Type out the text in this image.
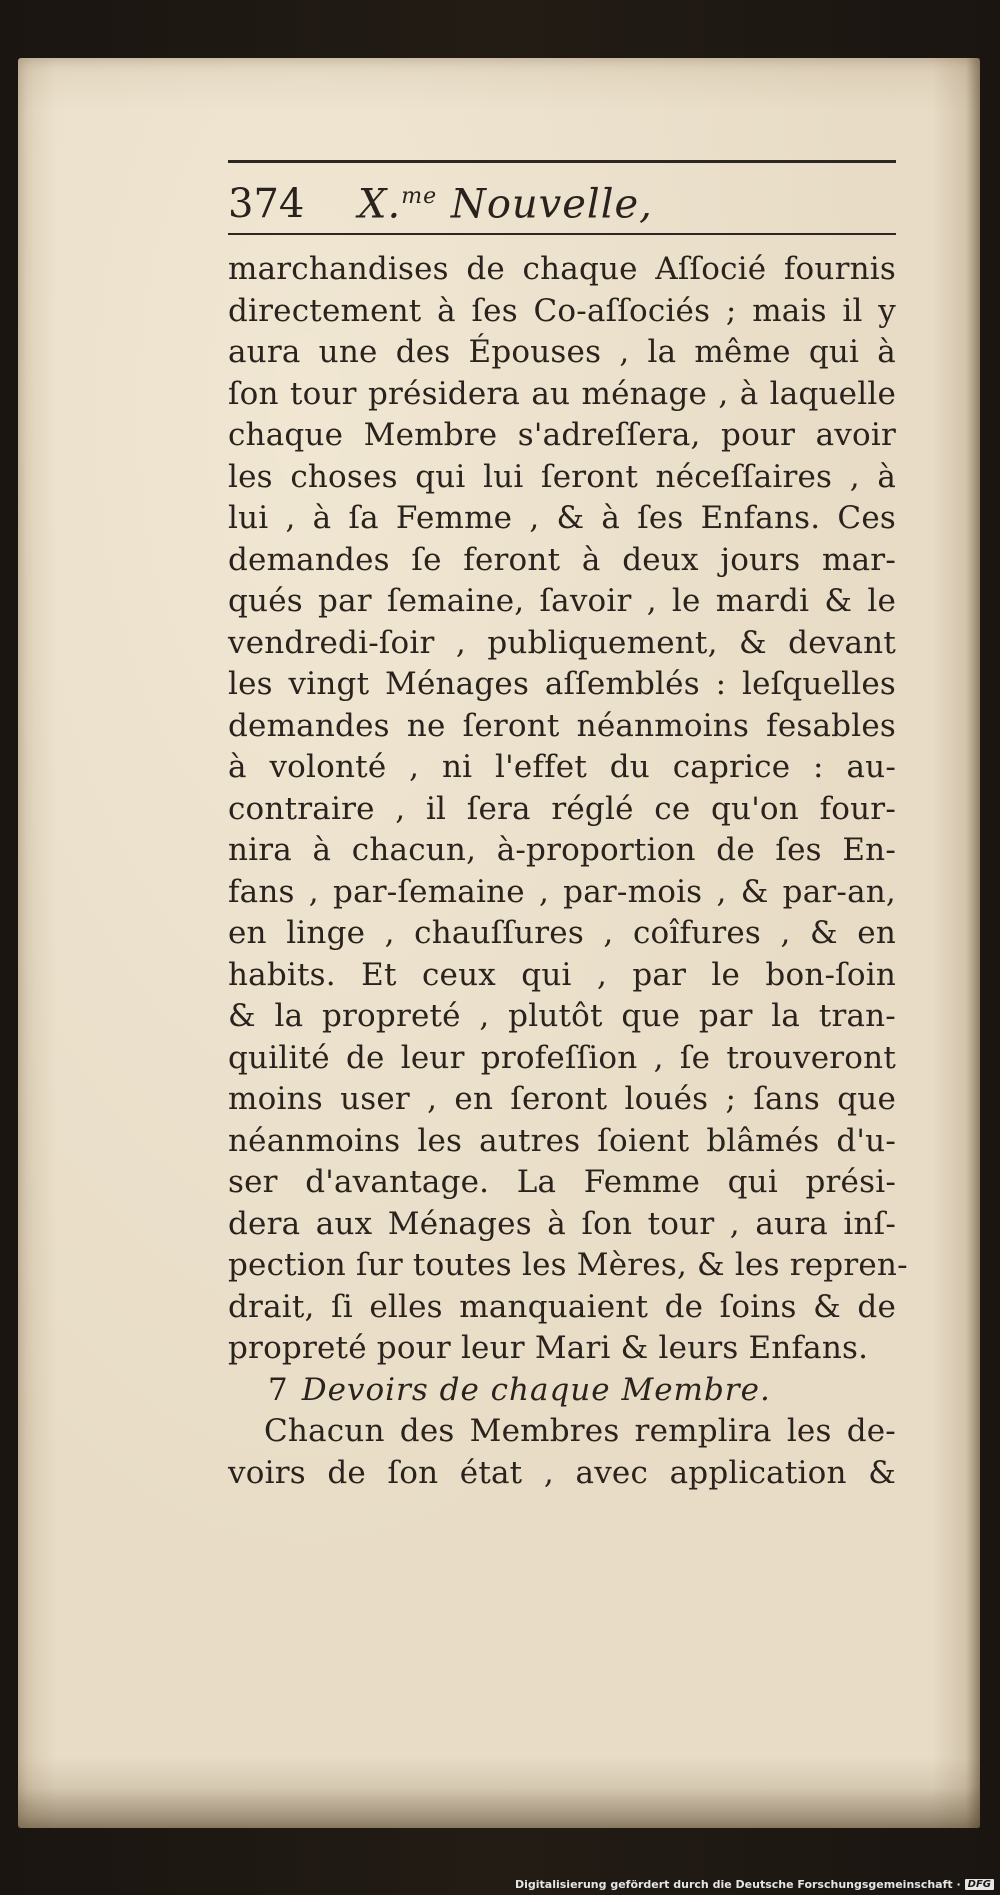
374	X.$^{me}$ Nouvelle,
marchandises de chaque Aſſocié fournis
directement à ſes Co-aſſociés ; mais il y
aura une des Épouses , la même qui à
ſon tour présidera au ménage , à laquelle
chaque Membre s'adreſſera, pour avoir
les choses qui lui ſeront néceſſaires , à
lui , à ſa Femme , & à ſes Enfans. Ces
demandes ſe feront à deux jours mar-
qués par ſemaine, ſavoir , le mardi & le
vendredi-ſoir , publiquement, & devant
les vingt Ménages aſſemblés : leſquelles
demandes ne ſeront néanmoins fesables
à volonté , ni l'effet du caprice : au-
contraire , il ſera réglé ce qu'on four-
nira à chacun, à-proportion de ſes En-
fans , par-ſemaine , par-mois , & par-an,
en linge , chauſſures , coîfures , & en
habits. Et ceux qui , par le bon-ſoin
& la propreté , plutôt que par la tran-
quilité de leur profeſſion , ſe trouveront
moins user , en ſeront loués ; ſans que
néanmoins les autres ſoient blâmés d'u-
ser d'avantage. La Femme qui prési-
dera aux Ménages à ſon tour , aura inſ-
pection ſur toutes les Mères, & les repren-
drait, ſi elles manquaient de ſoins & de
propreté pour leur Mari & leurs Enfans.
7 Devoirs de chaque Membre.
Chacun des Membres remplira les de-
voirs de ſon état , avec application &
Digitalisierung gefördert durch die Deutsche Forschungsgemeinschaft · DFG
